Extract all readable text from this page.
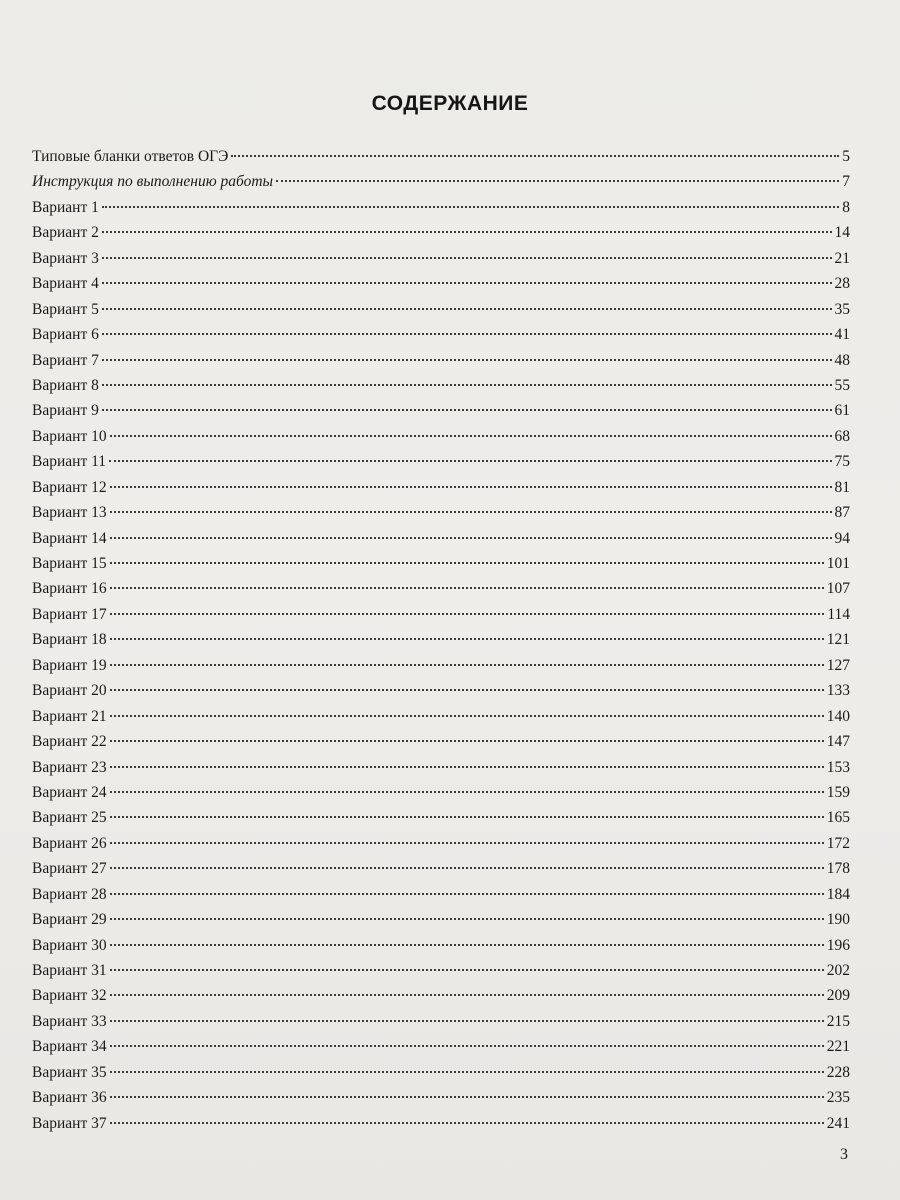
СОДЕРЖАНИЕ
Типовые бланки ответов ОГЭ	5
Инструкция по выполнению работы	7
Вариант 1	8
Вариант 2	14
Вариант 3	21
Вариант 4	28
Вариант 5	35
Вариант 6	41
Вариант 7	48
Вариант 8	55
Вариант 9	61
Вариант 10	68
Вариант 11	75
Вариант 12	81
Вариант 13	87
Вариант 14	94
Вариант 15	101
Вариант 16	107
Вариант 17	114
Вариант 18	121
Вариант 19	127
Вариант 20	133
Вариант 21	140
Вариант 22	147
Вариант 23	153
Вариант 24	159
Вариант 25	165
Вариант 26	172
Вариант 27	178
Вариант 28	184
Вариант 29	190
Вариант 30	196
Вариант 31	202
Вариант 32	209
Вариант 33	215
Вариант 34	221
Вариант 35	228
Вариант 36	235
Вариант 37	241
3
